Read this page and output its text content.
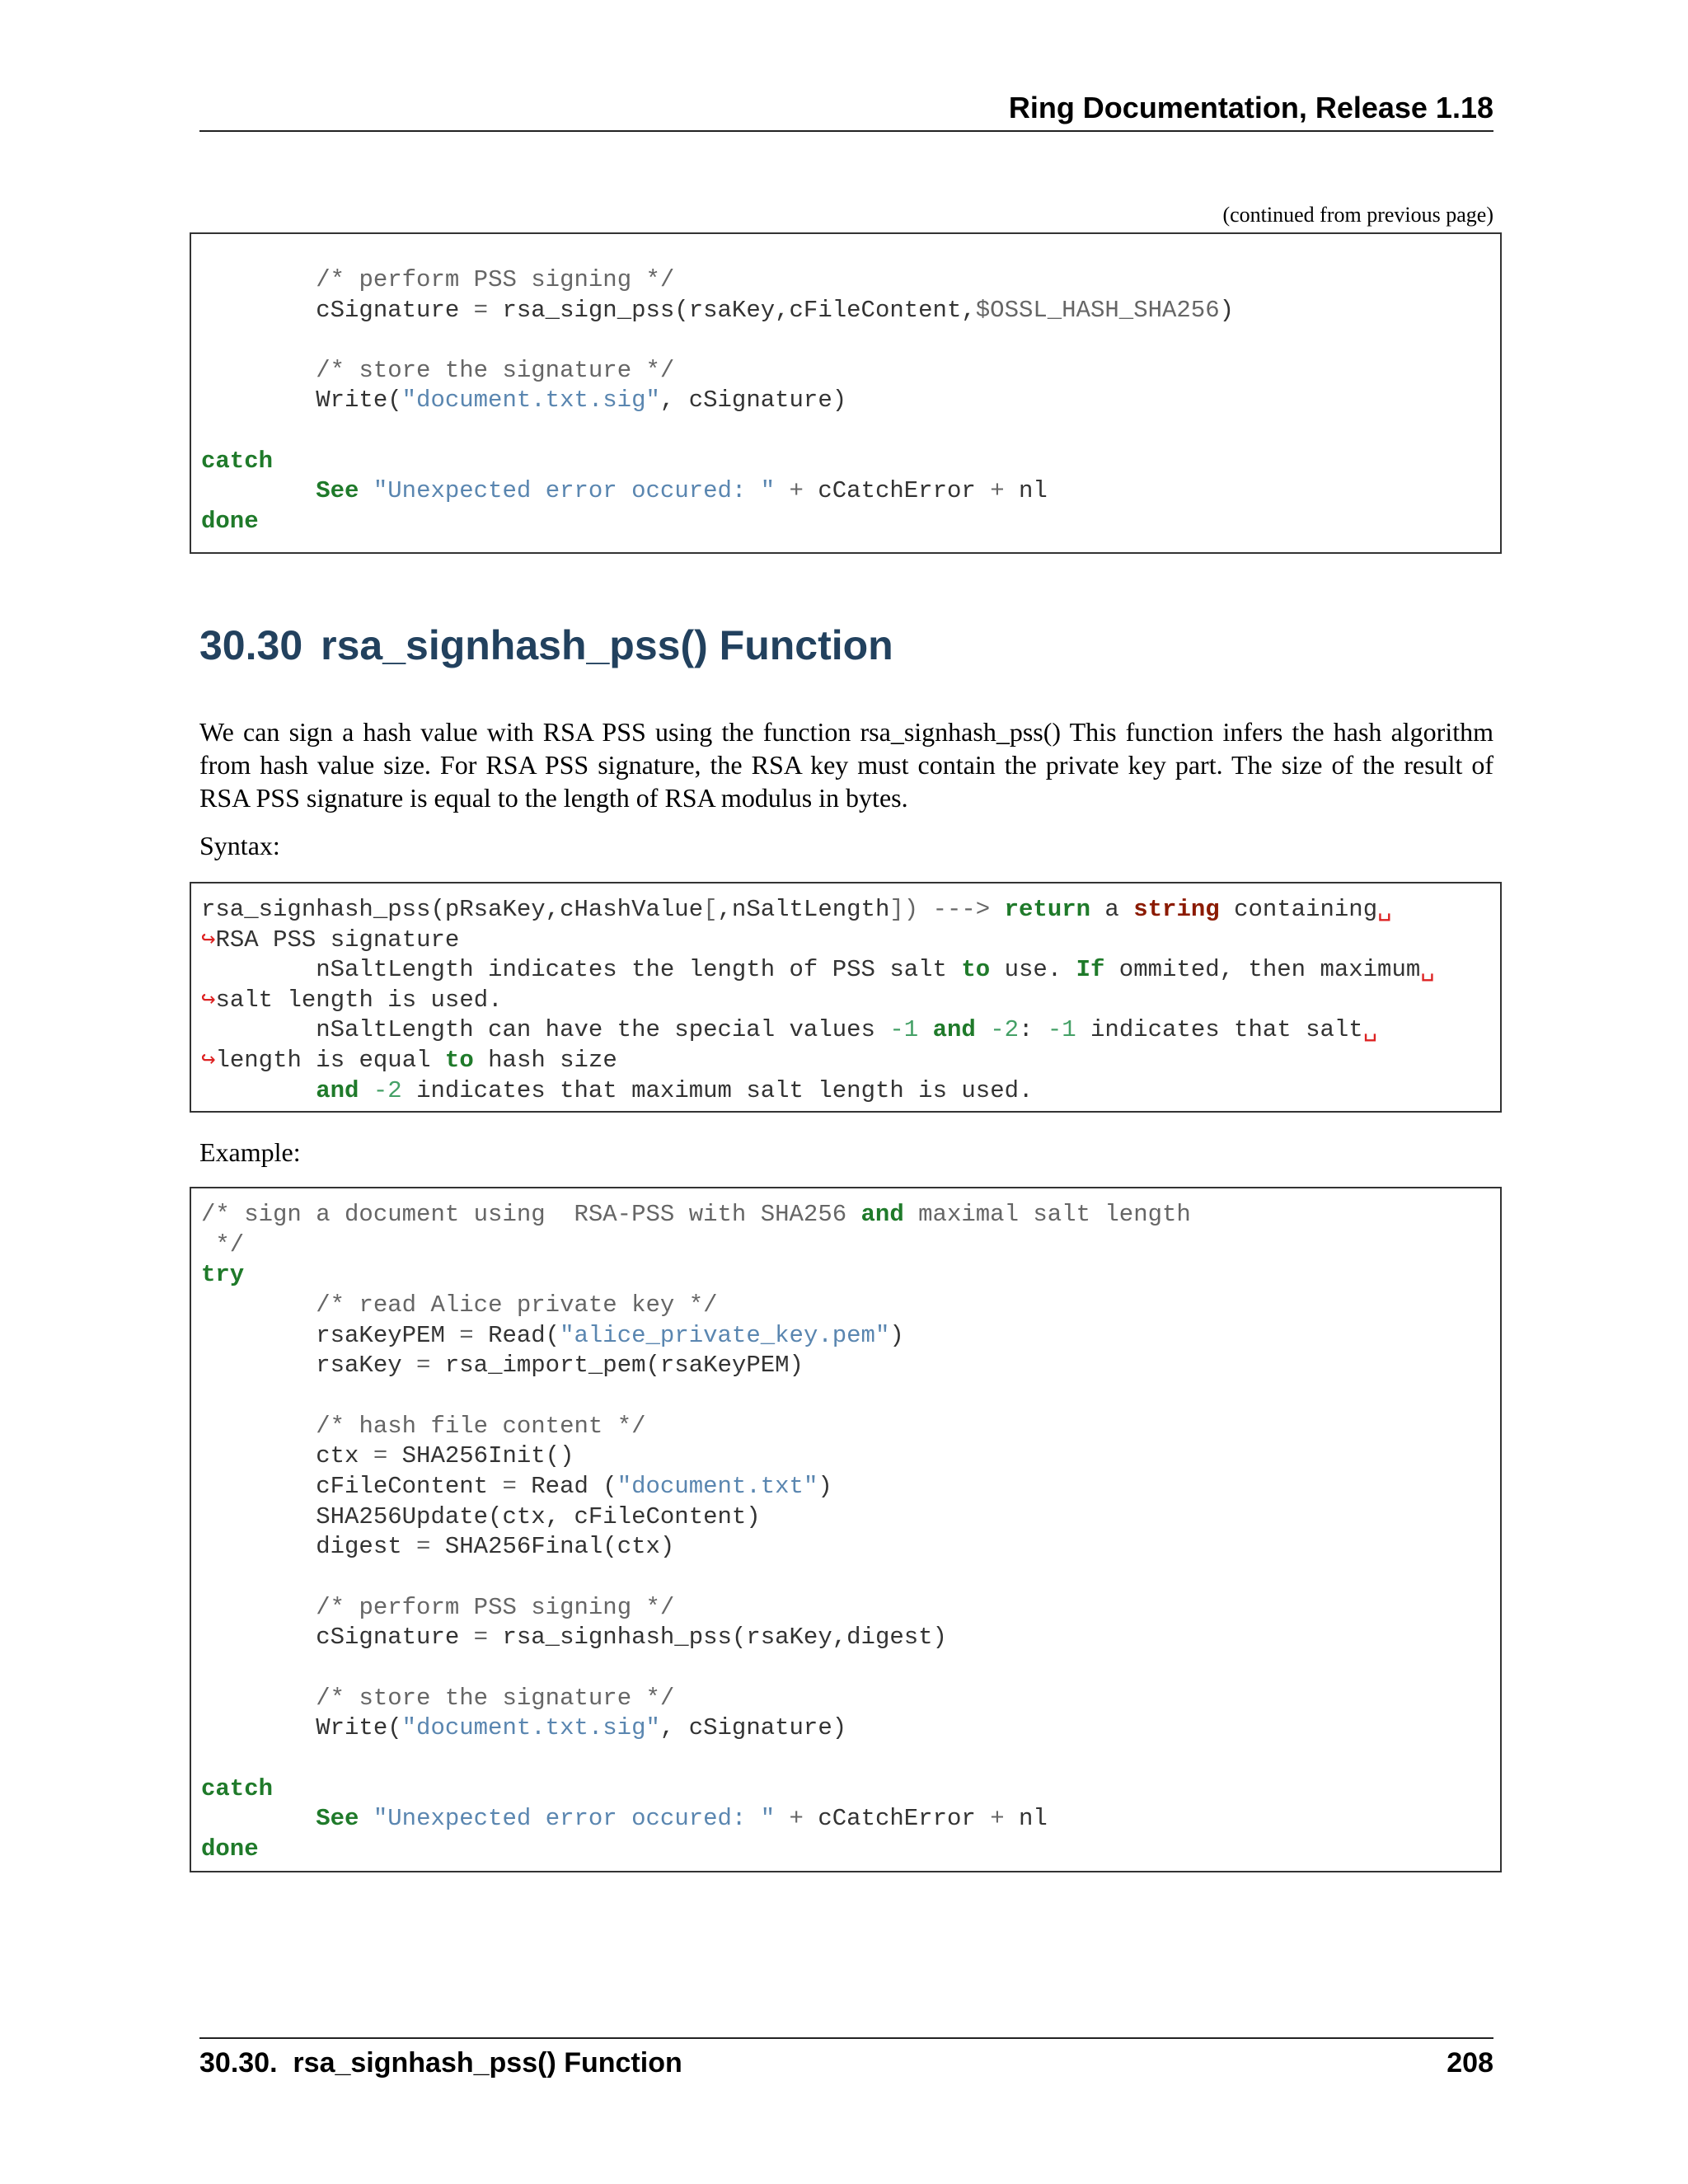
Ring Documentation, Release 1.18
(continued from previous page)
/* perform PSS signing */
cSignature = rsa_sign_pss(rsaKey,cFileContent,$OSSL_HASH_SHA256)
/* store the signature */
Write("document.txt.sig", cSignature)
catch
See "Unexpected error occured: " + cCatchError + nl
done
30.30 rsa_signhash_pss() Function
We can sign a hash value with RSA PSS using the function rsa_signhash_pss() This function infers the hash algorithm from hash value size. For RSA PSS signature, the RSA key must contain the private key part. The size of the result of RSA PSS signature is equal to the length of RSA modulus in bytes.
Syntax:
rsa_signhash_pss(pRsaKey,cHashValue[,nSaltLength]) ---> return a string containing␣
↪RSA PSS signature
nSaltLength indicates the length of PSS salt to use. If ommited, then maximum␣
↪salt length is used.
nSaltLength can have the special values -1 and -2: -1 indicates that salt␣
↪length is equal to hash size
and -2 indicates that maximum salt length is used.
Example:
/* sign a document using  RSA-PSS with SHA256 and maximal salt length
*/
try
/* read Alice private key */
rsaKeyPEM = Read("alice_private_key.pem")
rsaKey = rsa_import_pem(rsaKeyPEM)
/* hash file content */
ctx = SHA256Init()
cFileContent = Read ("document.txt")
SHA256Update(ctx, cFileContent)
digest = SHA256Final(ctx)
/* perform PSS signing */
cSignature = rsa_signhash_pss(rsaKey,digest)
/* store the signature */
Write("document.txt.sig", cSignature)
catch
See "Unexpected error occured: " + cCatchError + nl
done
30.30.  rsa_signhash_pss() Function	208
